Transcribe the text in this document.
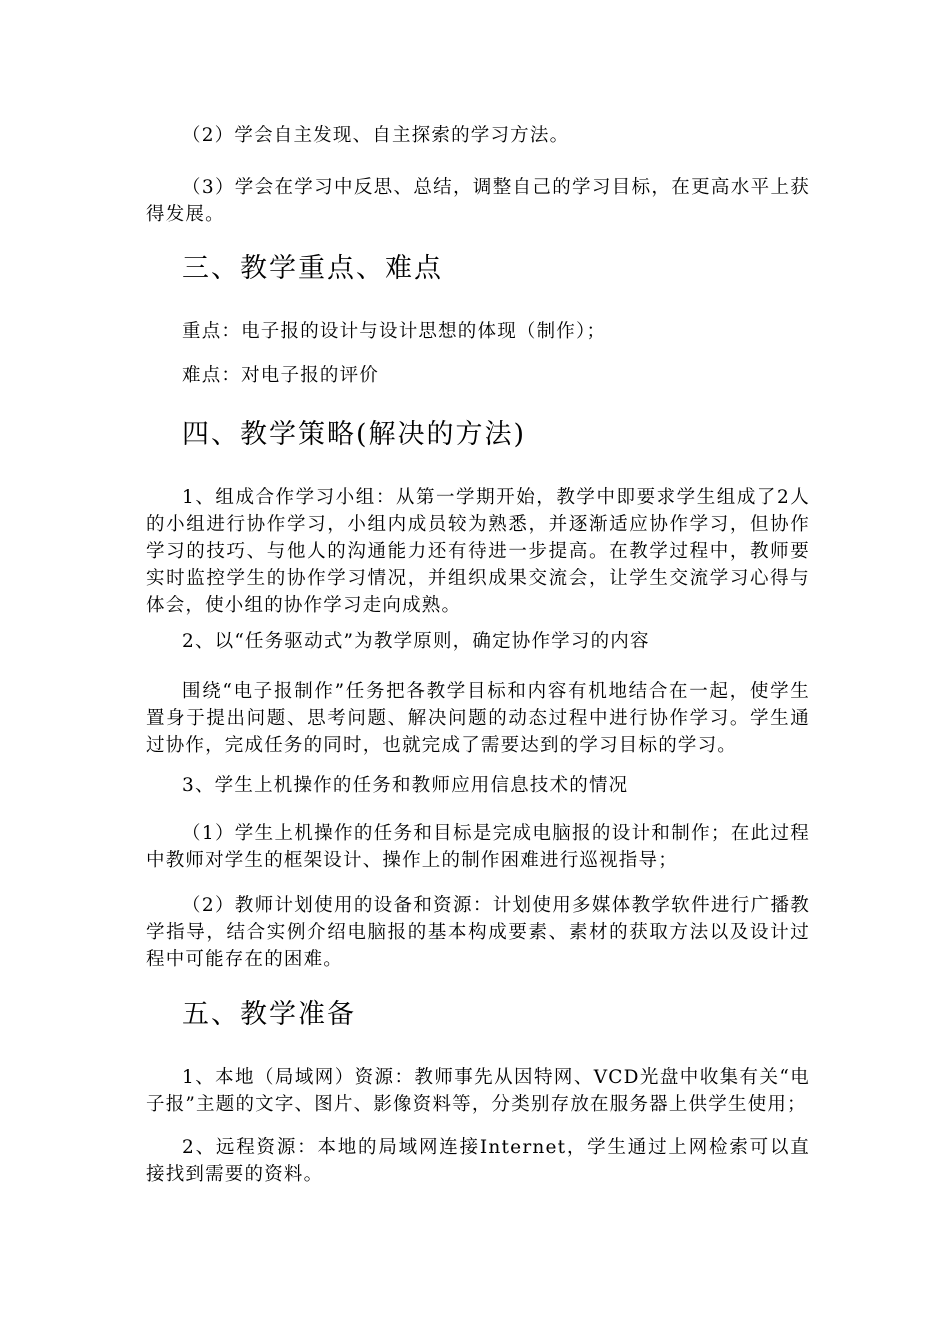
（2）学会自主发现、自主探索的学习方法。

（3）学会在学习中反思、总结，调整自己的学习目标，在更高水平上获得发展。

三、教学重点、难点

重点：电子报的设计与设计思想的体现（制作）；

难点：对电子报的评价

四、教学策略(解决的方法)

1、组成合作学习小组：从第一学期开始，教学中即要求学生组成了2人的小组进行协作学习，小组内成员较为熟悉，并逐渐适应协作学习，但协作学习的技巧、与他人的沟通能力还有待进一步提高。在教学过程中，教师要实时监控学生的协作学习情况，并组织成果交流会，让学生交流学习心得与体会，使小组的协作学习走向成熟。

2、以“任务驱动式”为教学原则，确定协作学习的内容

围绕“电子报制作”任务把各教学目标和内容有机地结合在一起，使学生置身于提出问题、思考问题、解决问题的动态过程中进行协作学习。学生通过协作，完成任务的同时，也就完成了需要达到的学习目标的学习。

3、学生上机操作的任务和教师应用信息技术的情况

（1）学生上机操作的任务和目标是完成电脑报的设计和制作；在此过程中教师对学生的框架设计、操作上的制作困难进行巡视指导；

（2）教师计划使用的设备和资源：计划使用多媒体教学软件进行广播教学指导，结合实例介绍电脑报的基本构成要素、素材的获取方法以及设计过程中可能存在的困难。

五、教学准备

1、本地（局域网）资源：教师事先从因特网、VCD光盘中收集有关“电子报”主题的文字、图片、影像资料等，分类别存放在服务器上供学生使用；

2、远程资源：本地的局域网连接Internet，学生通过上网检索可以直接找到需要的资料。
